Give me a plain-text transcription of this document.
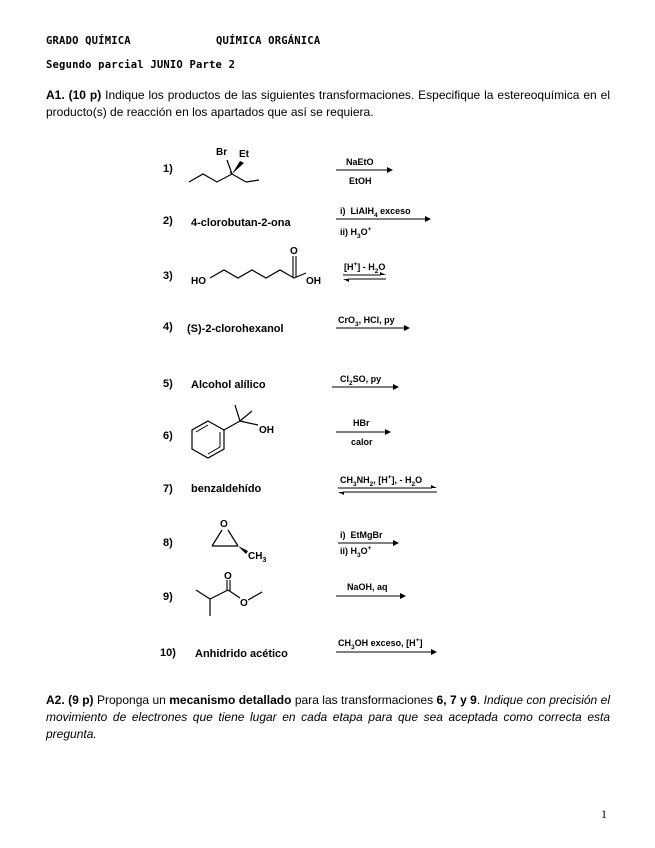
GRADO QUÍMICA	QUÍMICA ORGÁNICA
Segundo parcial JUNIO Parte 2
A1. (10 p) Indique los productos de las siguientes transformaciones. Especifique la estereoquímica en el producto(s) de reacción en los apartados que así se requiera.
1)
Br Et
NaEtO
EtOH
2) 4-clorobutan-2-ona
i)  LiAlH$_4$ exceso
ii) $H_3O^+$
3) HO
O
OH
$[H^+] - H_2O$
4) (S)-2-clorohexanol
CrO$_3$, HCl, py
5) Alcohol alílico	$Cl_2SO$, py
6)	OH
HBr
calor
7) benzaldehído
$CH_3NH_2$, [H+], - $H_2O$
8)
O
$CH_3$
i)  EtMgBr
ii) $H_3O^+$
9)
O
O
NaOH, aq
10) Anhidrido acético
$CH_3OH$ exceso, [H+]
A2. (9 p) Proponga un mecanismo detallado para las transformaciones 6, 7 y 9. Indique con precisión el movimiento de electrones que tiene lugar en cada etapa para que sea aceptada como correcta esta pregunta.
1
